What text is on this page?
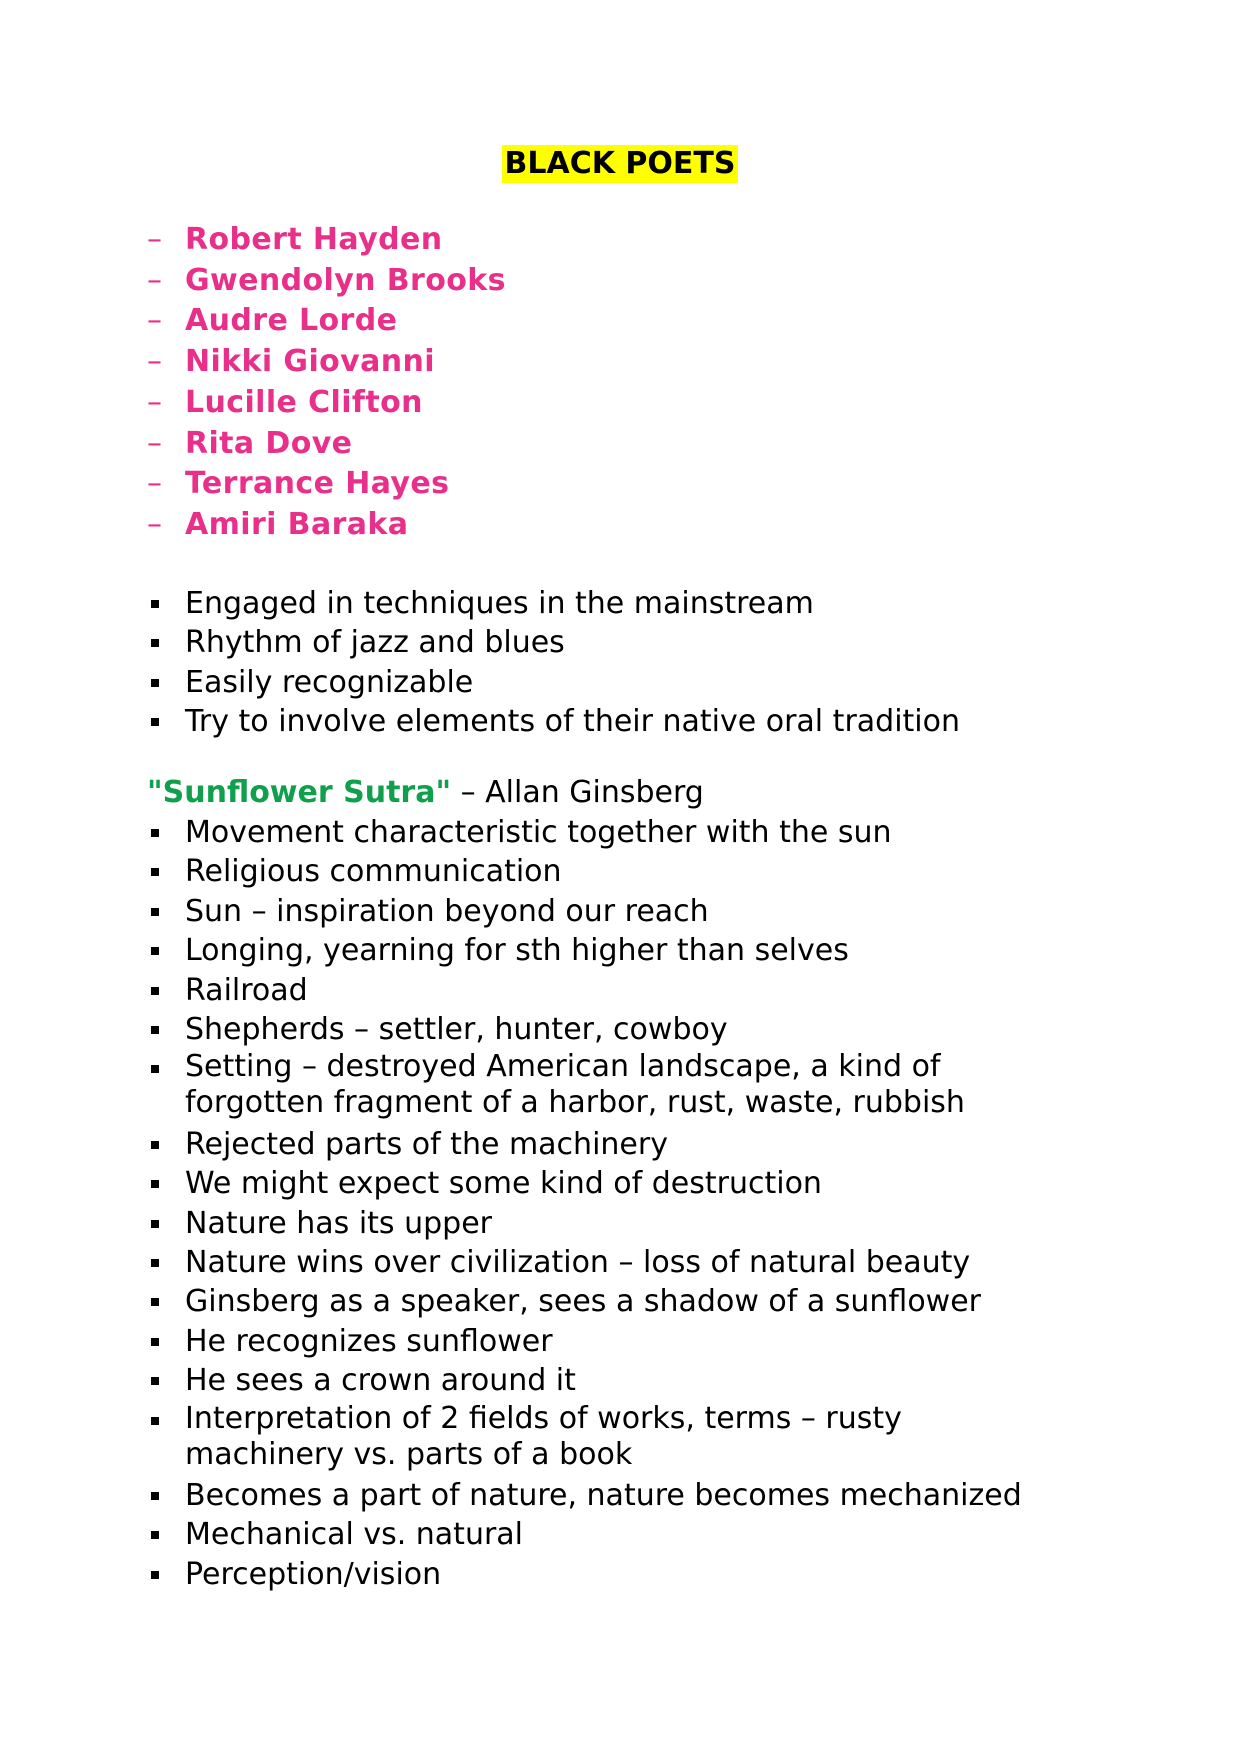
BLACK POETS
– Robert Hayden
– Gwendolyn Brooks
– Audre Lorde
– Nikki Giovanni
– Lucille Clifton
– Rita Dove
– Terrance Hayes
– Amiri Baraka
Engaged in techniques in the mainstream
Rhythm of jazz and blues
Easily recognizable
Try to involve elements of their native oral tradition
"Sunflower Sutra" – Allan Ginsberg
Movement characteristic together with the sun
Religious communication
Sun – inspiration beyond our reach
Longing, yearning for sth higher than selves
Railroad
Shepherds – settler, hunter, cowboy
Setting – destroyed American landscape, a kind of
forgotten fragment of a harbor, rust, waste, rubbish
Rejected parts of the machinery
We might expect some kind of destruction
Nature has its upper
Nature wins over civilization – loss of natural beauty
Ginsberg as a speaker, sees a shadow of a sunflower
He recognizes sunflower
He sees a crown around it
Interpretation of 2 fields of works, terms – rusty
machinery vs. parts of a book
Becomes a part of nature, nature becomes mechanized
Mechanical vs. natural
Perception/vision
